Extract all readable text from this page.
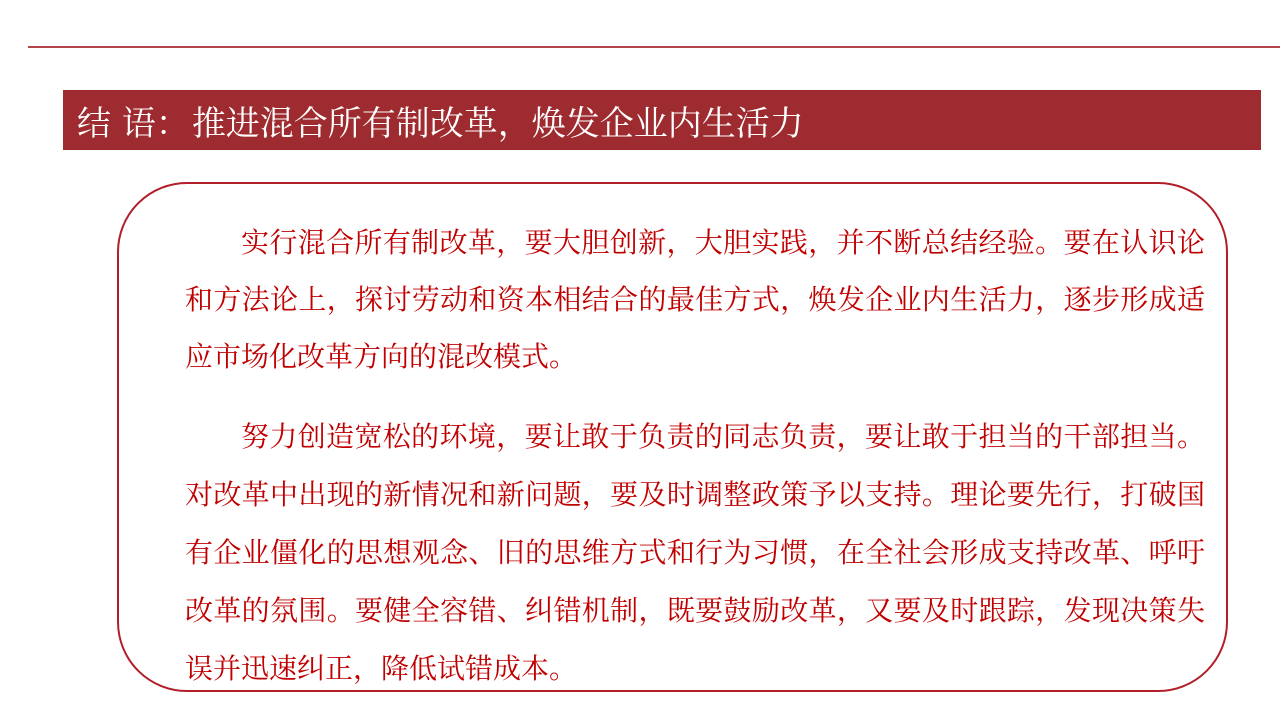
结 语： 推进混合所有制改革，焕发企业内生活力

实行混合所有制改革，要大胆创新，大胆实践，并不断总结经验。要在认识论和方法论上，探讨劳动和资本相结合的最佳方式，焕发企业内生活力，逐步形成适应市场化改革方向的混改模式。

努力创造宽松的环境，要让敢于负责的同志负责，要让敢于担当的干部担当。对改革中出现的新情况和新问题，要及时调整政策予以支持。理论要先行，打破国有企业僵化的思想观念、旧的思维方式和行为习惯，在全社会形成支持改革、呼吁改革的氛围。要健全容错、纠错机制，既要鼓励改革，又要及时跟踪，发现决策失误并迅速纠正，降低试错成本。
